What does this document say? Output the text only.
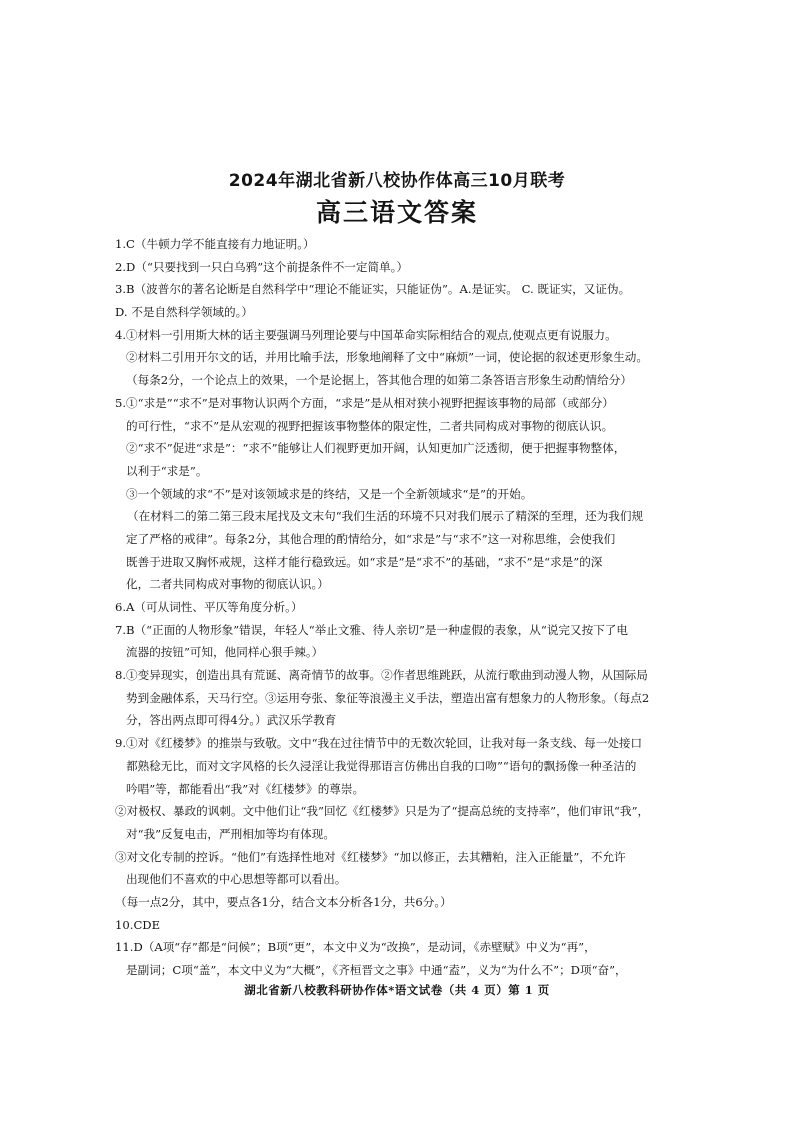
2024年湖北省新八校协作体高三10月联考
高三语文答案
1.C（牛顿力学不能直接有力地证明。）
2.D（“只要找到一只白乌鸦”这个前提条件不一定简单。）
3.B（波普尔的著名论断是自然科学中“理论不能证实，只能证伪”。A.是证实。 C. 既证实，又证伪。
D. 不是自然科学领域的。）
4.①材料一引用斯大林的话主要强调马列理论要与中国革命实际相结合的观点,使观点更有说服力。
②材料二引用开尔文的话，并用比喻手法，形象地阐释了文中“麻烦”一词，使论据的叙述更形象生动。
（每条2分，一个论点上的效果，一个是论据上，答其他合理的如第二条答语言形象生动酌情给分）
5.①“求是”“求不”是对事物认识两个方面，“求是”是从相对狭小视野把握该事物的局部（或部分）
的可行性，“求不”是从宏观的视野把握该事物整体的限定性，二者共同构成对事物的彻底认识。
②“求不”促进“求是”：“求不”能够让人们视野更加开阔，认知更加广泛透彻，便于把握事物整体，
以利于“求是”。
③一个领域的求“不”是对该领域求是的终结，又是一个全新领域求“是”的开始。
（在材料二的第二第三段末尾找及文末句“我们生活的环境不只对我们展示了精深的至理，还为我们规
定了严格的戒律”。每条2分，其他合理的酌情给分，如“求是”与“求不”这一对称思维，会使我们
既善于进取又胸怀戒规，这样才能行稳致远。如“求是”是“求不”的基础，“求不”是“求是”的深
化，二者共同构成对事物的彻底认识。）
6.A（可从词性、平仄等角度分析。）
7.B（“正面的人物形象”错误，年轻人“举止文雅、待人亲切”是一种虚假的表象，从“说完又按下了电
流器的按钮”可知，他同样心狠手辣。）
8.①变异现实，创造出具有荒诞、离奇情节的故事。②作者思维跳跃，从流行歌曲到动漫人物，从国际局
势到金融体系，天马行空。③运用夸张、象征等浪漫主义手法，塑造出富有想象力的人物形象。（每点2
分，答出两点即可得4分。）武汉乐学教育
9.①对《红楼梦》的推崇与致敬。文中“我在过往情节中的无数次轮回，让我对每一条支线、每一处接口
都熟稔无比，而对文字风格的长久浸淫让我觉得那语言仿佛出自我的口吻”“语句的飘扬像一种圣洁的
吟唱”等，都能看出“我”对《红楼梦》的尊崇。
②对极权、暴政的讽刺。文中他们让“我”回忆《红楼梦》只是为了“提高总统的支持率”，他们审讯“我”，
对“我”反复电击，严刑相加等均有体现。
③对文化专制的控诉。“他们”有选择性地对《红楼梦》“加以修正，去其糟粕，注入正能量”，不允许
出现他们不喜欢的中心思想等都可以看出。
（每一点2分，其中，要点各1分，结合文本分析各1分，共6分。）
10.CDE
11.D（A项“存”都是“问候”；B项“更”，本文中义为“改换”，是动词，《赤壁赋》中义为“再”，
是副词；C项“盖”，本文中义为“大概”，《齐桓晋文之事》中通“盍”，义为“为什么不”；D项“奋”，
湖北省新八校教科研协作体*语文试卷（共 4 页）第 1 页
